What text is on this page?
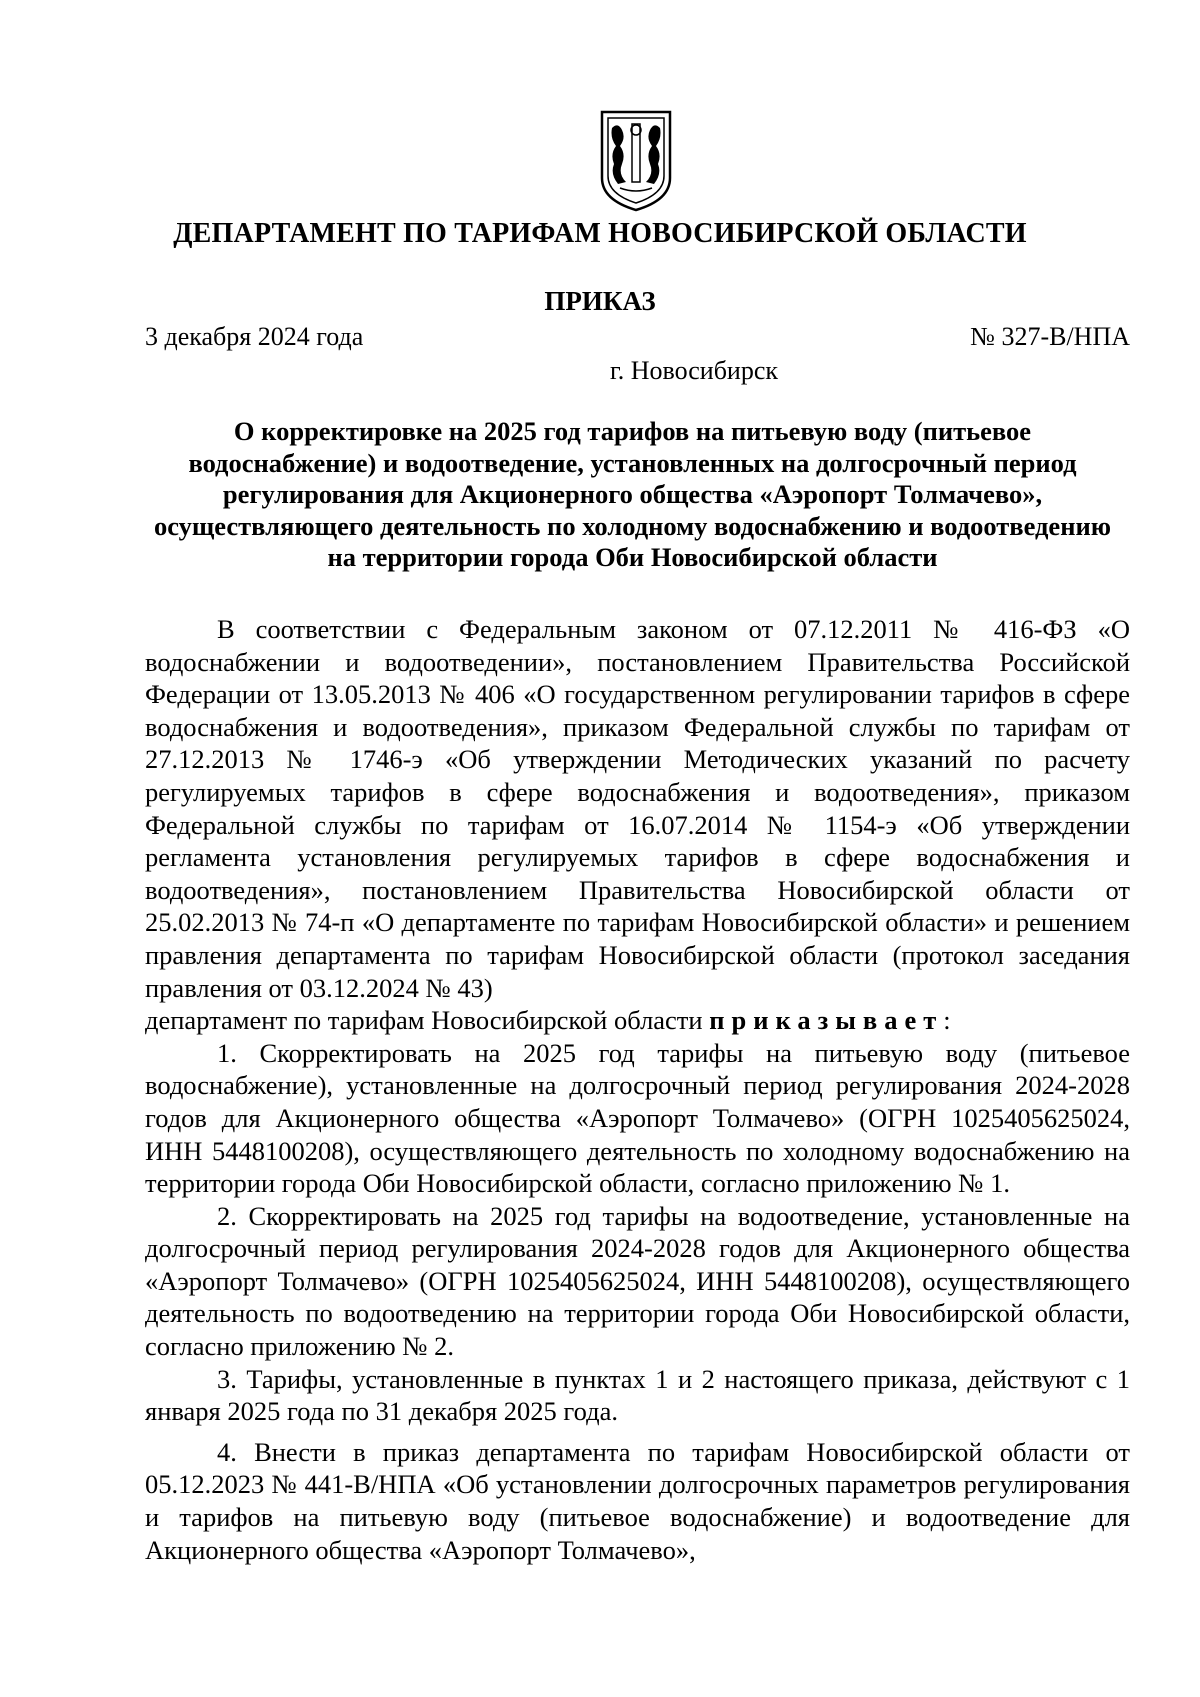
ДЕПАРТАМЕНТ ПО ТАРИФАМ НОВОСИБИРСКОЙ ОБЛАСТИ
ПРИКАЗ
3 декабря 2024 года	№ 327-В/НПА
г. Новосибирск
О корректировке на 2025 год тарифов на питьевую воду (питьевое водоснабжение) и водоотведение, установленных на долгосрочный период регулирования для Акционерного общества «Аэропорт Толмачево», осуществляющего деятельность по холодному водоснабжению и водоотведению на территории города Оби Новосибирской области

В соответствии с Федеральным законом от 07.12.2011 № 416-ФЗ «О водоснабжении и водоотведении», постановлением Правительства Российской Федерации от 13.05.2013 № 406 «О государственном регулировании тарифов в сфере водоснабжения и водоотведения», приказом Федеральной службы по тарифам от 27.12.2013 № 1746-э «Об утверждении Методических указаний по расчету регулируемых тарифов в сфере водоснабжения и водоотведения», приказом Федеральной службы по тарифам от 16.07.2014 № 1154-э «Об утверждении регламента установления регулируемых тарифов в сфере водоснабжения и водоотведения», постановлением Правительства Новосибирской области от 25.02.2013 № 74-п «О департаменте по тарифам Новосибирской области» и решением правления департамента по тарифам Новосибирской области (протокол заседания правления от 03.12.2024 № 43)

департамент по тарифам Новосибирской области приказывает:

1. Скорректировать на 2025 год тарифы на питьевую воду (питьевое водоснабжение), установленные на долгосрочный период регулирования 2024-2028 годов для Акционерного общества «Аэропорт Толмачево» (ОГРН 1025405625024, ИНН 5448100208), осуществляющего деятельность по холодному водоснабжению на территории города Оби Новосибирской области, согласно приложению № 1.

2. Скорректировать на 2025 год тарифы на водоотведение, установленные на долгосрочный период регулирования 2024-2028 годов для Акционерного общества «Аэропорт Толмачево» (ОГРН 1025405625024, ИНН 5448100208), осуществляющего деятельность по водоотведению на территории города Оби Новосибирской области, согласно приложению № 2.

3. Тарифы, установленные в пунктах 1 и 2 настоящего приказа, действуют с 1 января 2025 года по 31 декабря 2025 года.

4. Внести в приказ департамента по тарифам Новосибирской области от 05.12.2023 № 441-В/НПА «Об установлении долгосрочных параметров регулирования и тарифов на питьевую воду (питьевое водоснабжение) и водоотведение для Акционерного общества «Аэропорт Толмачево»,
